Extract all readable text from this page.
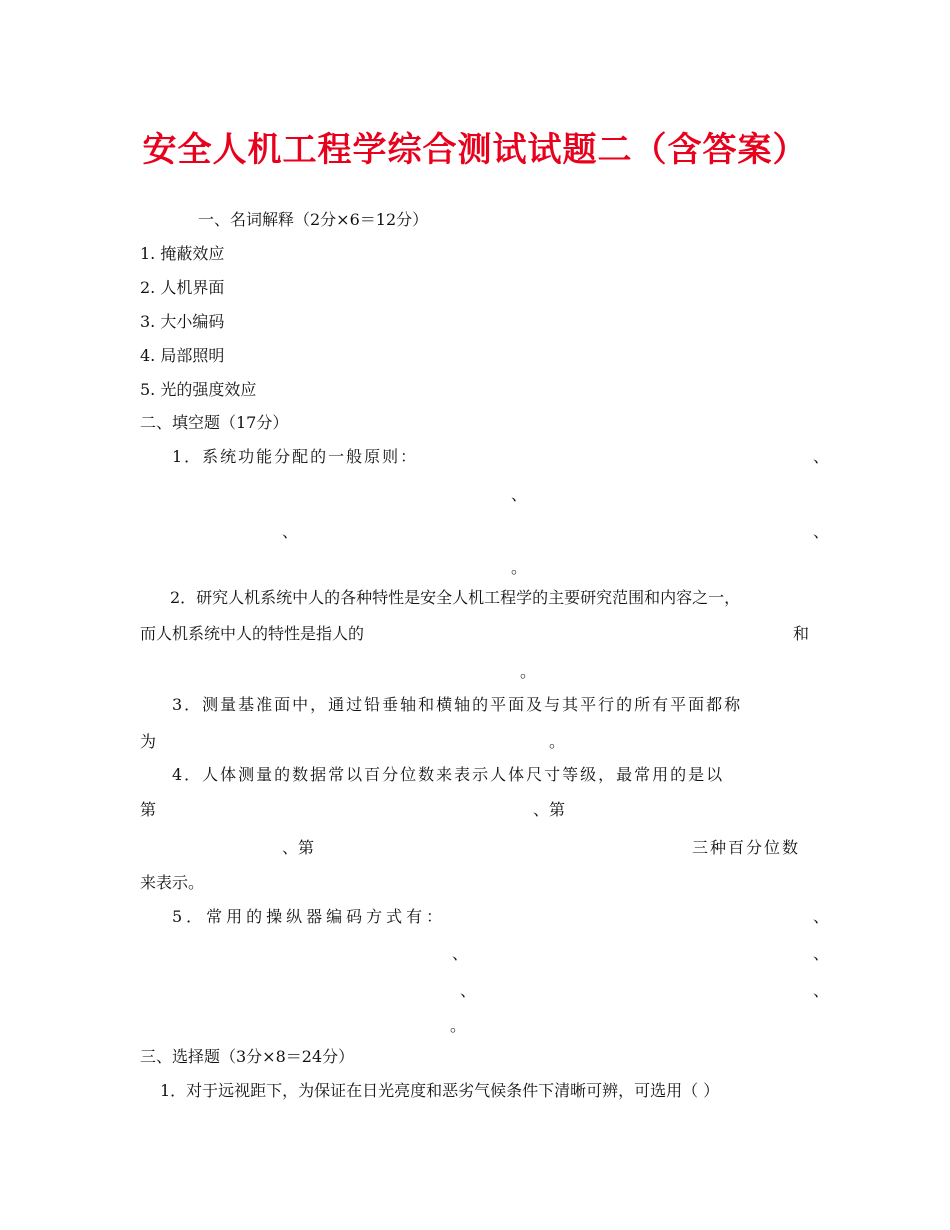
安全人机工程学综合测试试题二（含答案）
一、名词解释（2分×6＝12分）
1. 掩蔽效应
2. 人机界面
3. 大小编码
4. 局部照明
5. 光的强度效应
二、填空题（17分）
1．系统功能分配的一般原则：	、
、
、	、
。
2．研究人机系统中人的各种特性是安全人机工程学的主要研究范围和内容之一，
而人机系统中人的特性是指人的	和
。
3．测量基准面中，通过铅垂轴和横轴的平面及与其平行的所有平面都称
为	。
4．人体测量的数据常以百分位数来表示人体尺寸等级，最常用的是以
第	、第
、第	三种百分位数
来表示。
5．常用的操纵器编码方式有：	、
、	、
、	、
。
三、选择题（3分×8＝24分）
1．对于远视距下，为保证在日光亮度和恶劣气候条件下清晰可辨，可选用（ ）
